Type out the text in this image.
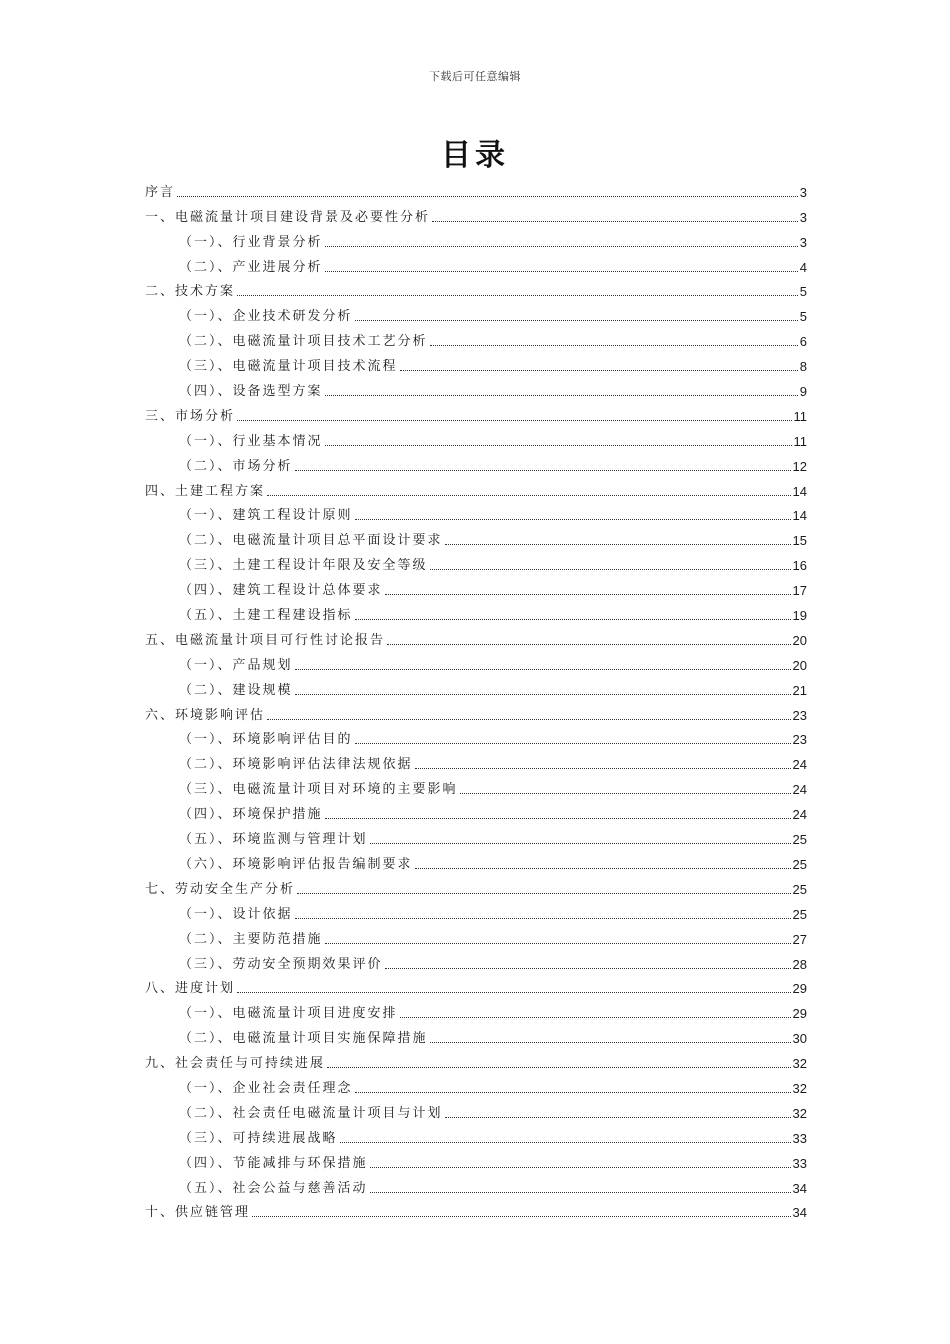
下载后可任意编辑
目录
序言	3
一、电磁流量计项目建设背景及必要性分析	3
（一）、行业背景分析	3
（二）、产业进展分析	4
二、技术方案	5
（一）、企业技术研发分析	5
（二）、电磁流量计项目技术工艺分析	6
（三）、电磁流量计项目技术流程	8
（四）、设备选型方案	9
三、市场分析	11
（一）、行业基本情况	11
（二）、市场分析	12
四、土建工程方案	14
（一）、建筑工程设计原则	14
（二）、电磁流量计项目总平面设计要求	15
（三）、土建工程设计年限及安全等级	16
（四）、建筑工程设计总体要求	17
（五）、土建工程建设指标	19
五、电磁流量计项目可行性讨论报告	20
（一）、产品规划	20
（二）、建设规模	21
六、环境影响评估	23
（一）、环境影响评估目的	23
（二）、环境影响评估法律法规依据	24
（三）、电磁流量计项目对环境的主要影响	24
（四）、环境保护措施	24
（五）、环境监测与管理计划	25
（六）、环境影响评估报告编制要求	25
七、劳动安全生产分析	25
（一）、设计依据	25
（二）、主要防范措施	27
（三）、劳动安全预期效果评价	28
八、进度计划	29
（一）、电磁流量计项目进度安排	29
（二）、电磁流量计项目实施保障措施	30
九、社会责任与可持续进展	32
（一）、企业社会责任理念	32
（二）、社会责任电磁流量计项目与计划	32
（三）、可持续进展战略	33
（四）、节能减排与环保措施	33
（五）、社会公益与慈善活动	34
十、供应链管理	34
